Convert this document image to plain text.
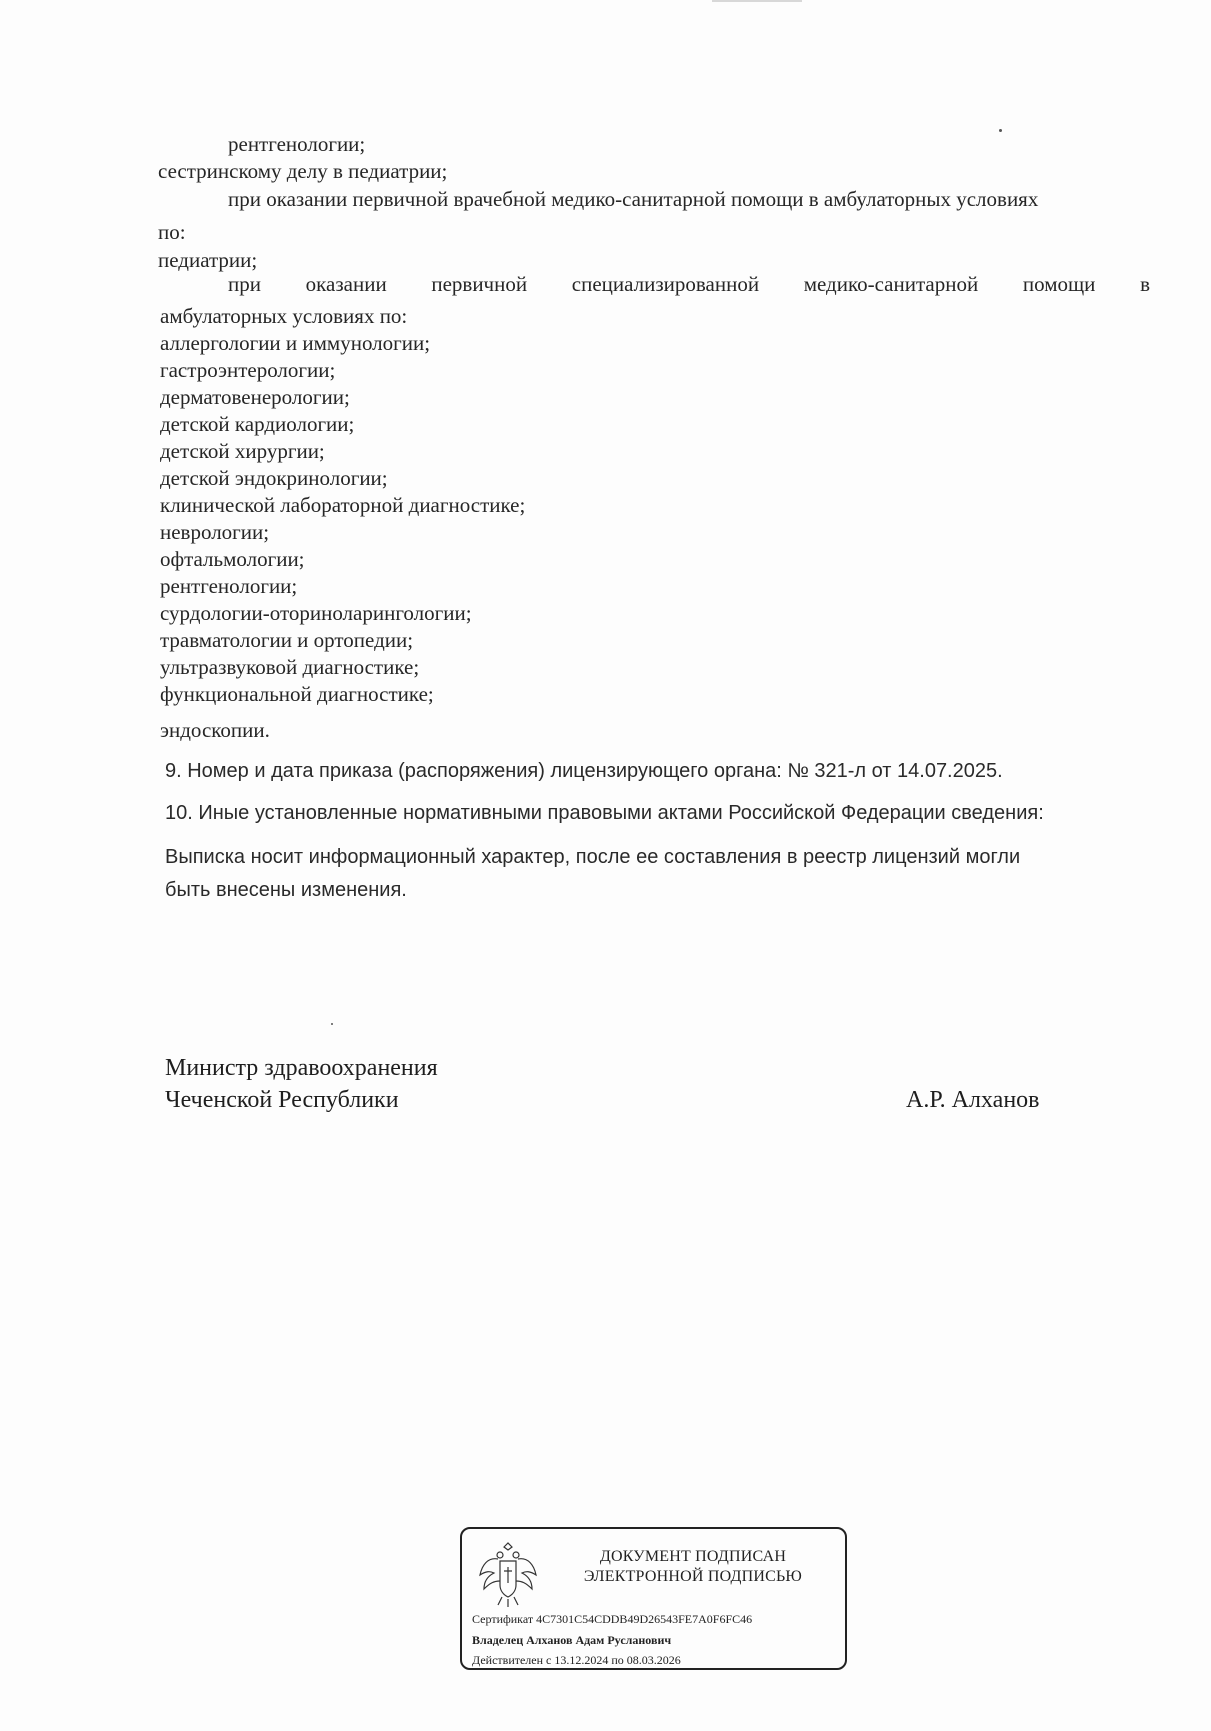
рентгенологии;
сестринскому делу в педиатрии;
при оказании первичной врачебной медико-санитарной помощи в амбулаторных условиях
по:
педиатрии;
при оказании первичной специализированной медико-санитарной помощи в
амбулаторных условиях по:
аллергологии и иммунологии;
гастроэнтерологии;
дерматовенерологии;
детской кардиологии;
детской хирургии;
детской эндокринологии;
клинической лабораторной диагностике;
неврологии;
офтальмологии;
рентгенологии;
сурдологии-оториноларингологии;
травматологии и ортопедии;
ультразвуковой диагностике;
функциональной диагностике;
эндоскопии.
9. Номер и дата приказа (распоряжения) лицензирующего органа: № 321-л от 14.07.2025.
10. Иные установленные нормативными правовыми актами Российской Федерации сведения:
Выписка носит информационный характер, после ее составления в реестр лицензий могли
быть внесены изменения.
Министр здравоохранения
Чеченской Республики	А.Р. Алханов
ДОКУМЕНТ ПОДПИСАН
ЭЛЕКТРОННОЙ ПОДПИСЬЮ
Сертификат 4C7301C54CDDB49D26543FE7A0F6FC46
Владелец Алханов Адам Русланович
Действителен с 13.12.2024 по 08.03.2026
